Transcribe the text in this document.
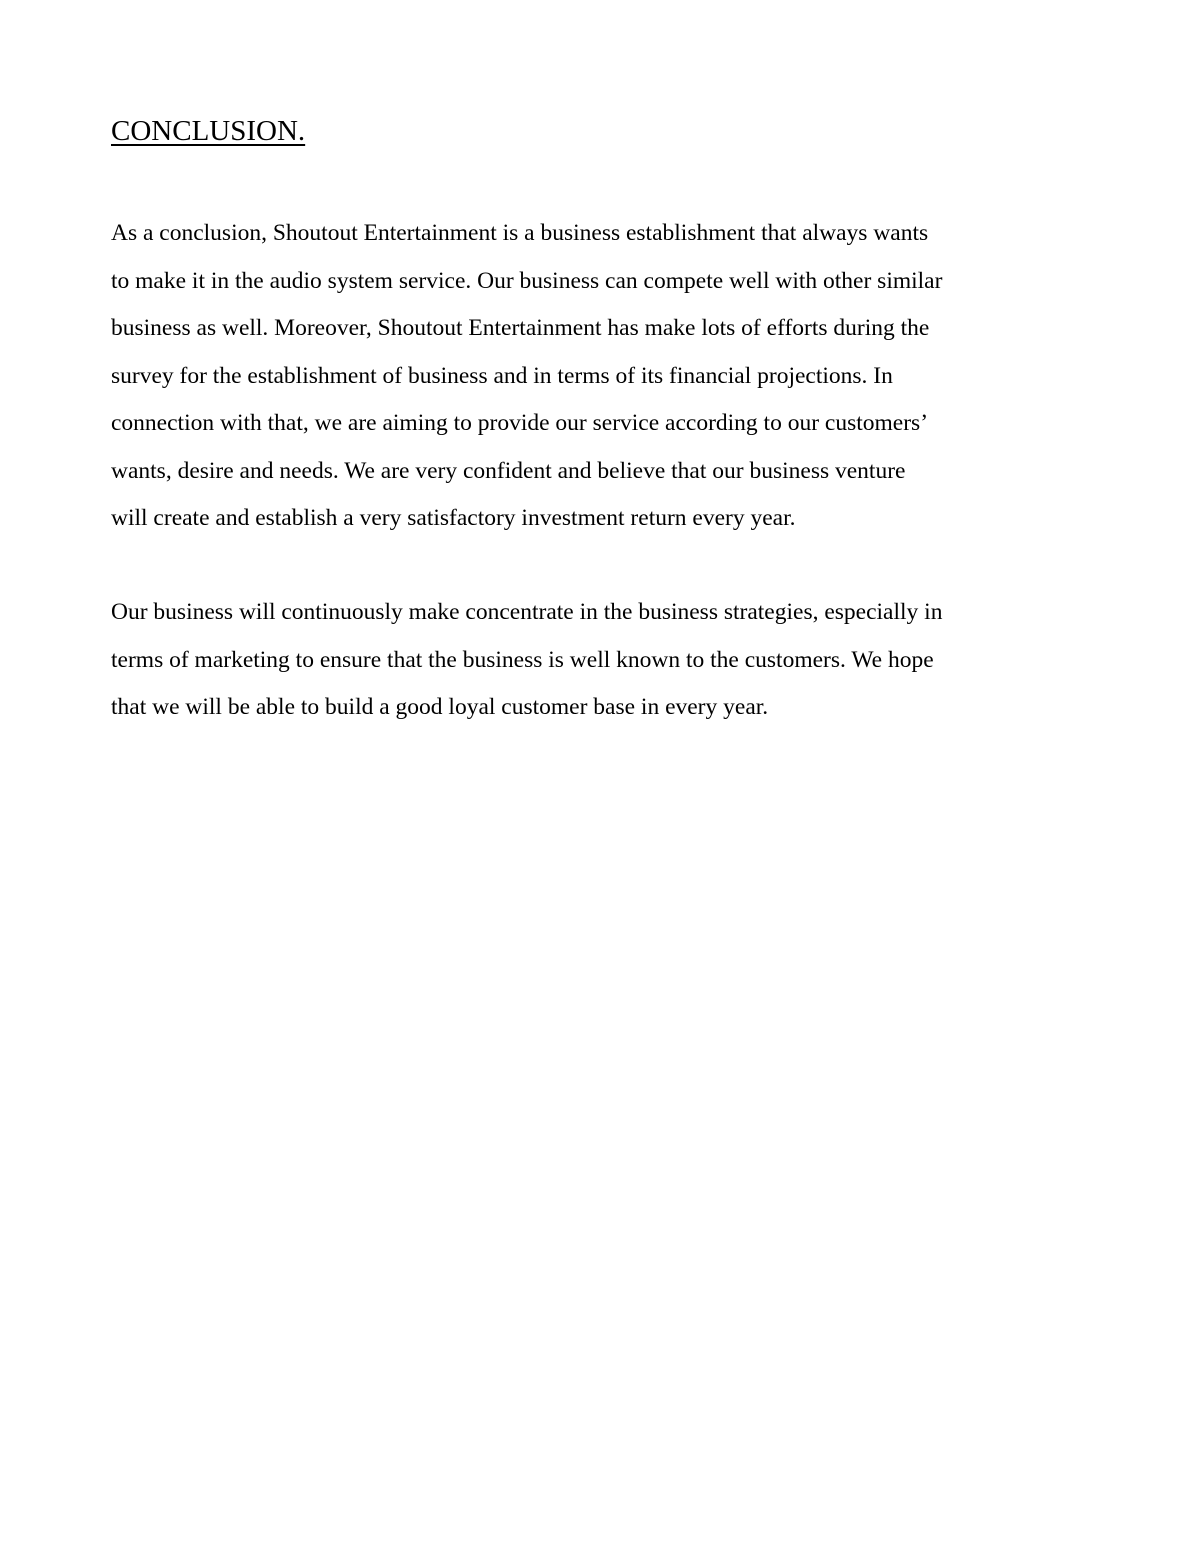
CONCLUSION.

As a conclusion, Shoutout Entertainment is a business establishment that always wants
to make it in the audio system service. Our business can compete well with other similar
business as well. Moreover, Shoutout Entertainment has make lots of efforts during the
survey for the establishment of business and in terms of its financial projections. In
connection with that, we are aiming to provide our service according to our customers’
wants, desire and needs. We are very confident and believe that our business venture
will create and establish a very satisfactory investment return every year.

Our business will continuously make concentrate in the business strategies, especially in
terms of marketing to ensure that the business is well known to the customers. We hope
that we will be able to build a good loyal customer base in every year.
